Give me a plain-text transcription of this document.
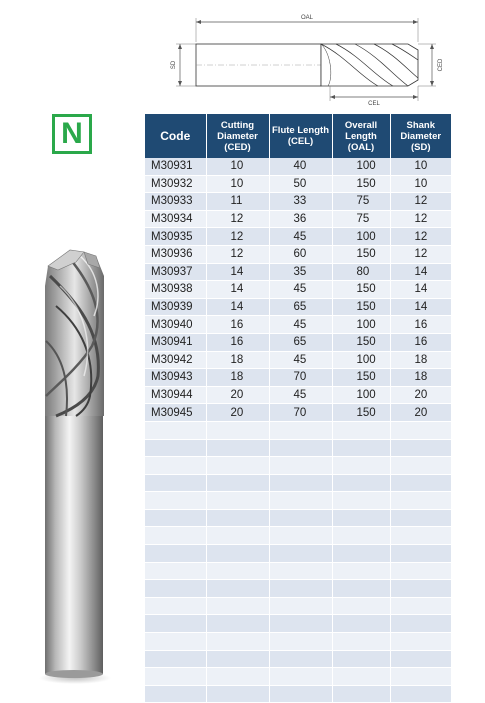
OAL
SD	CED
CEL
N	Code	Cutting Diameter (CED)	Flute Length (CEL)	Overall Length (OAL)	Shank Diameter (SD)
M30931	10	40	100	10
M30932	10	50	150	10
M30933	11	33	75	12
M30934	12	36	75	12
M30935	12	45	100	12
M30936	12	60	150	12
M30937	14	35	80	14
M30938	14	45	150	14
M30939	14	65	150	14
M30940	16	45	100	16
M30941	16	65	150	16
M30942	18	45	100	18
M30943	18	70	150	18
M30944	20	45	100	20
M30945	20	70	150	20
